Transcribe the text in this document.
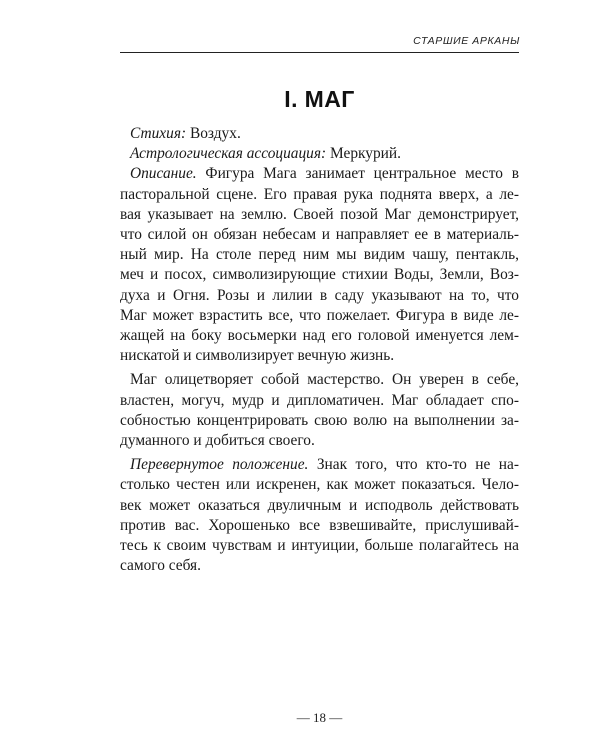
СТАРШИЕ АРКАНЫ
I. МАГ
Стихия: Воздух.
Астрологическая ассоциация: Меркурий.
Описание. Фигура Мага занимает центральное место в
пасторальной сцене. Его правая рука поднята вверх, а ле-
вая указывает на землю. Своей позой Маг демонстрирует,
что силой он обязан небесам и направляет ее в материаль-
ный мир. На столе перед ним мы видим чашу, пентакль,
меч и посох, символизирующие стихии Воды, Земли, Воз-
духа и Огня. Розы и лилии в саду указывают на то, что
Маг может взрастить все, что пожелает. Фигура в виде ле-
жащей на боку восьмерки над его головой именуется лем-
нискатой и символизирует вечную жизнь.
Маг олицетворяет собой мастерство. Он уверен в себе,
властен, могуч, мудр и дипломатичен. Маг обладает спо-
собностью концентрировать свою волю на выполнении за-
думанного и добиться своего.
Перевернутое положение. Знак того, что кто-то не на-
столько честен или искренен, как может показаться. Чело-
век может оказаться двуличным и исподволь действовать
против вас. Хорошенько все взвешивайте, прислушивай-
тесь к своим чувствам и интуиции, больше полагайтесь на
самого себя.
— 18 —
